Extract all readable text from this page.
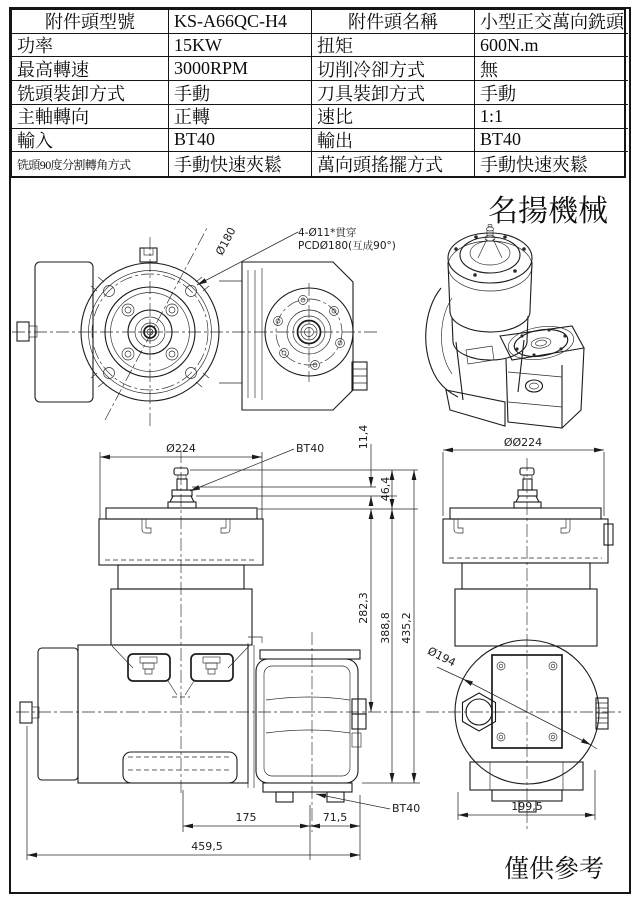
Ø180	4-Ø11*貫穿
PCDØ180(互成90°)
名揚機械
Ø224	BT40	11,4
46,4
282,3
388,8 435,2
175	71,5
459,5
BT40
ØØ224
Ø194
199,5
僅供參考
附件頭型號	KS-A66QC-H4	附件頭名稱	小型正交萬向銑頭
功率	15KW	扭矩	600N.m
最高轉速	3000RPM	切削冷卻方式	無
铣頭裝卸方式	手動	刀具裝卸方式	手動
主軸轉向	正轉	速比	1:1
輸入	BT40	輸出	BT40
铣頭90度分割轉角方式	手動快速夾鬆	萬向頭搖擺方式	手動快速夾鬆
